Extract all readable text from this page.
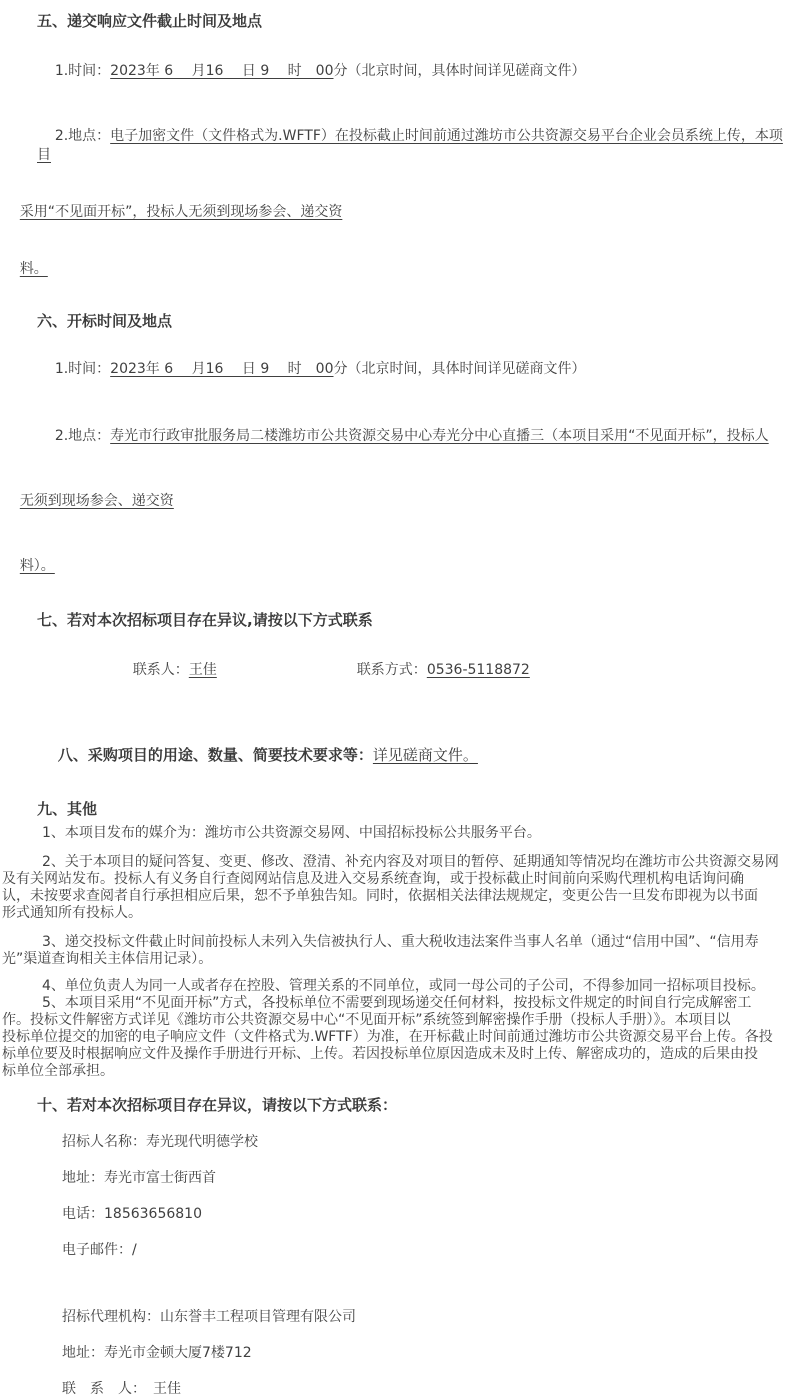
五、递交响应文件截止时间及地点

1.时间：2023年 6 　月16 　日 9 　时　00分（北京时间，具体时间详见磋商文件）

2.地点：电子加密文件（文件格式为.WFTF）在投标截止时间前通过潍坊市公共资源交易平台企业会员系统上传，本项目

采用“不见面开标”，投标人无须到现场参会、递交资

料。

六、开标时间及地点

1.时间：2023年 6 　月16 　日 9 　时　00分（北京时间，具体时间详见磋商文件）

2.地点：寿光市行政审批服务局二楼潍坊市公共资源交易中心寿光分中心直播三（本项目采用“不见面开标”，投标人

无须到现场参会、递交资

料）。

七、若对本次招标项目存在异议,请按以下方式联系

联系人：王佳	联系方式：0536-5118872

八、采购项目的用途、数量、简要技术要求等：详见磋商文件。

九、其他
1、本项目发布的媒介为：潍坊市公共资源交易网、中国招标投标公共服务平台。
2、关于本项目的疑问答复、变更、修改、澄清、补充内容及对项目的暂停、延期通知等情况均在潍坊市公共资源交易网
及有关网站发布。投标人有义务自行查阅网站信息及进入交易系统查询，或于投标截止时间前向采购代理机构电话询问确
认，未按要求查阅者自行承担相应后果，恕不予单独告知。同时，依据相关法律法规规定，变更公告一旦发布即视为以书面
形式通知所有投标人。
3、递交投标文件截止时间前投标人未列入失信被执行人、重大税收违法案件当事人名单（通过“信用中国”、“信用寿
光”渠道查询相关主体信用记录）。
4、单位负责人为同一人或者存在控股、管理关系的不同单位，或同一母公司的子公司，不得参加同一招标项目投标。
5、本项目采用“不见面开标”方式，各投标单位不需要到现场递交任何材料，按投标文件规定的时间自行完成解密工
作。投标文件解密方式详见《潍坊市公共资源交易中心“不见面开标”系统签到解密操作手册（投标人手册）》。本项目以
投标单位提交的加密的电子响应文件（文件格式为.WFTF）为准，在开标截止时间前通过潍坊市公共资源交易平台上传。各投
标单位要及时根据响应文件及操作手册进行开标、上传。若因投标单位原因造成未及时上传、解密成功的，造成的后果由投
标单位全部承担。
十、若对本次招标项目存在异议，请按以下方式联系：
招标人名称：寿光现代明德学校
地址：寿光市富士街西首
电话：18563656810
电子邮件：/
招标代理机构：山东誉丰工程项目管理有限公司
地址：寿光市金顿大厦7楼712
联　系　人：　王佳
